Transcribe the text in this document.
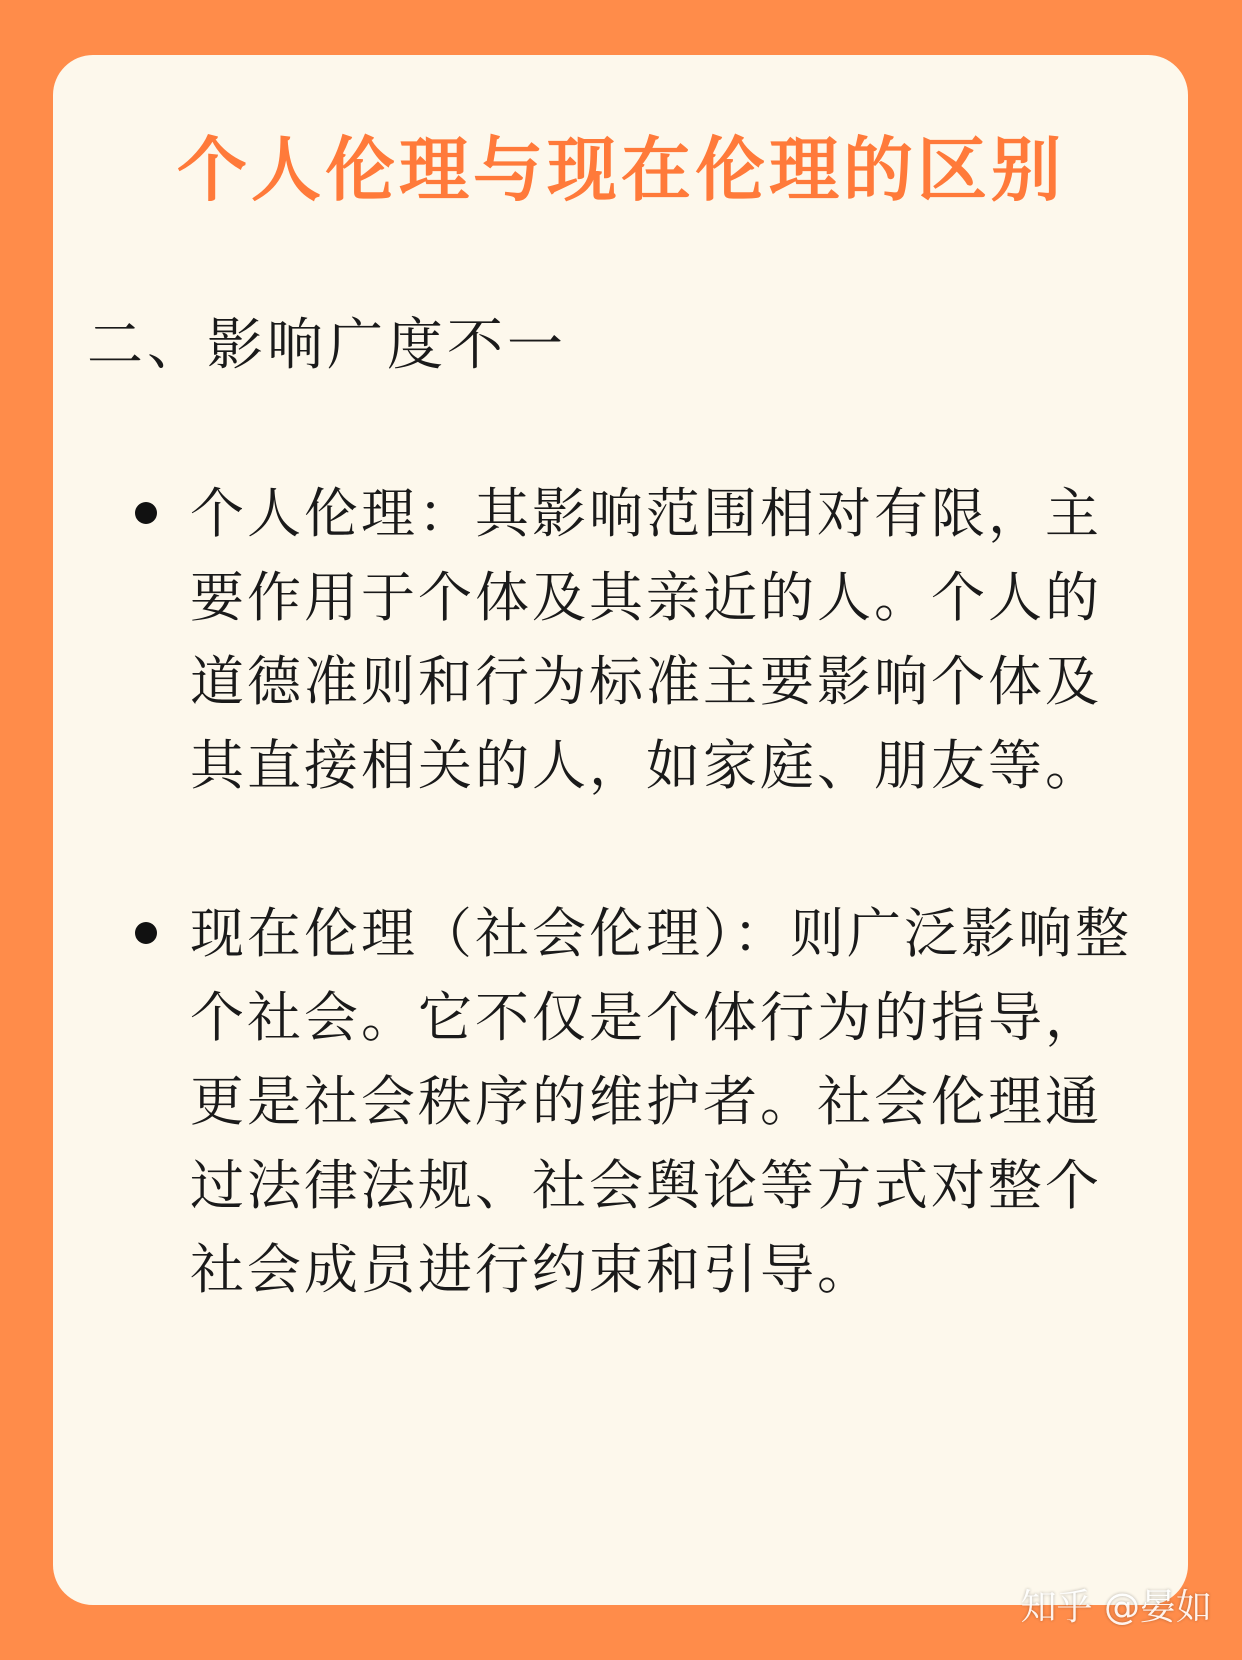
个人伦理与现在伦理的区别
二、影响广度不一
个人伦理：其影响范围相对有限，主要作用于个体及其亲近的人。个人的道德准则和行为标准主要影响个体及其直接相关的人，如家庭、朋友等。
现在伦理（社会伦理）：则广泛影响整个社会。它不仅是个体行为的指导，更是社会秩序的维护者。社会伦理通过法律法规、社会舆论等方式对整个社会成员进行约束和引导。
知乎 @晏如
